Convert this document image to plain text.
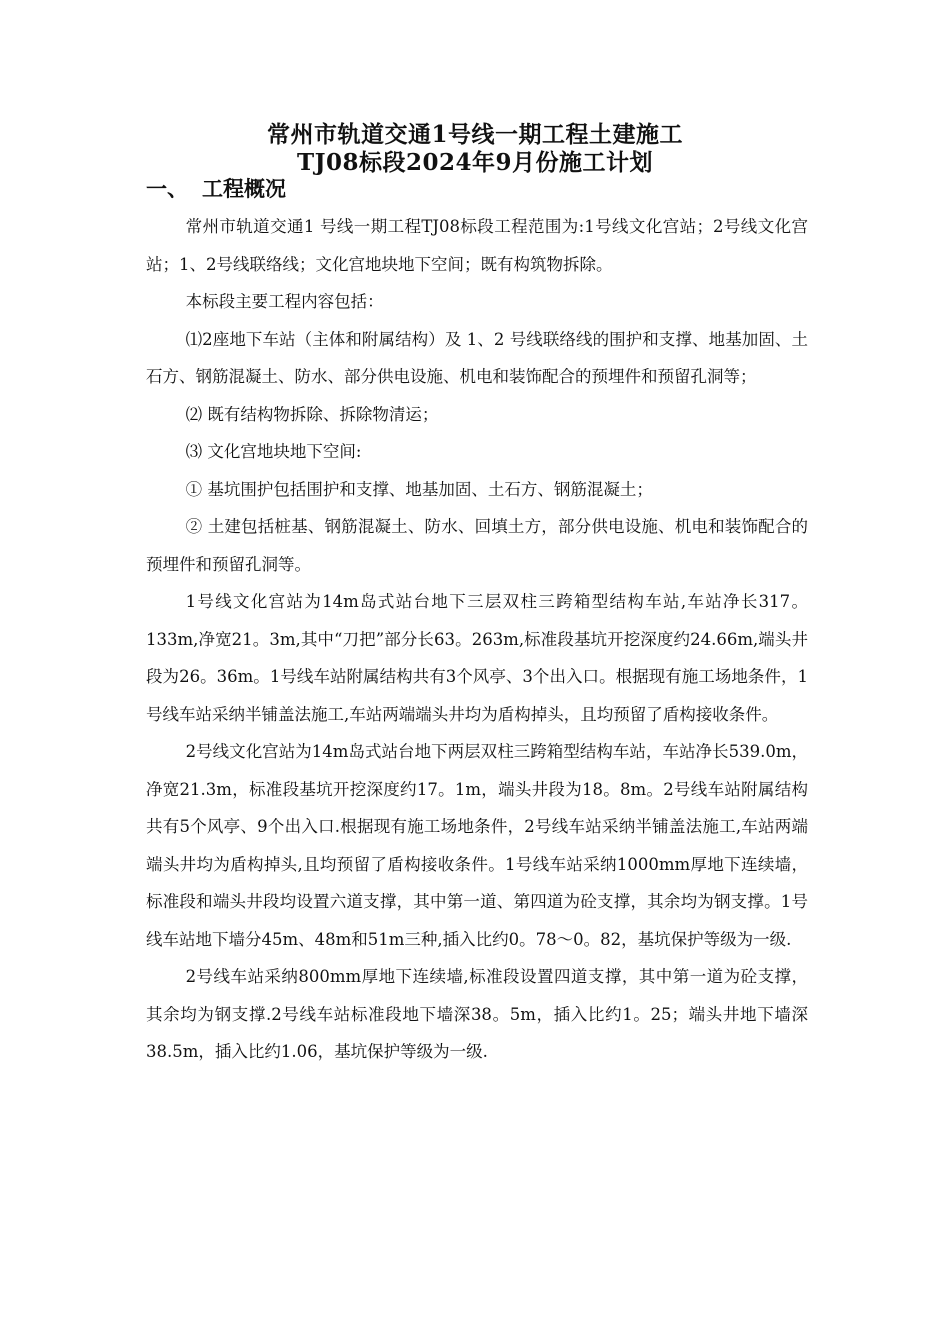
常州市轨道交通1号线一期工程土建施工
TJ08标段2024年9月份施工计划
一、 工程概况

常州市轨道交通1 号线一期工程TJ08标段工程范围为:1号线文化宫站；2号线文化宫站；1、2号线联络线；文化宫地块地下空间；既有构筑物拆除。

本标段主要工程内容包括：

⑴2座地下车站（主体和附属结构）及 1、2 号线联络线的围护和支撑、地基加固、土石方、钢筋混凝土、防水、部分供电设施、机电和装饰配合的预埋件和预留孔洞等；

⑵ 既有结构物拆除、拆除物清运；

⑶ 文化宫地块地下空间:

① 基坑围护包括围护和支撑、地基加固、土石方、钢筋混凝土；

② 土建包括桩基、钢筋混凝土、防水、回填土方，部分供电设施、机电和装饰配合的预埋件和预留孔洞等。

1号线文化宫站为14m岛式站台地下三层双柱三跨箱型结构车站,车站净长317。133m,净宽21。3m,其中“刀把”部分长63。263m,标准段基坑开挖深度约24.66m,端头井段为26。36m。1号线车站附属结构共有3个风亭、3个出入口。根据现有施工场地条件，1号线车站采纳半铺盖法施工,车站两端端头井均为盾构掉头，且均预留了盾构接收条件。

2号线文化宫站为14m岛式站台地下两层双柱三跨箱型结构车站，车站净长539.0m，净宽21.3m，标准段基坑开挖深度约17。1m，端头井段为18。8m。2号线车站附属结构共有5个风亭、9个出入口.根据现有施工场地条件，2号线车站采纳半铺盖法施工,车站两端端头井均为盾构掉头,且均预留了盾构接收条件。1号线车站采纳1000mm厚地下连续墙，标准段和端头井段均设置六道支撑，其中第一道、第四道为砼支撑，其余均为钢支撑。1号线车站地下墙分45m、48m和51m三种,插入比约0。78～0。82，基坑保护等级为一级.

2号线车站采纳800mm厚地下连续墙,标准段设置四道支撑，其中第一道为砼支撑，其余均为钢支撑.2号线车站标准段地下墙深38。5m，插入比约1。25；端头井地下墙深38.5m，插入比约1.06，基坑保护等级为一级.
